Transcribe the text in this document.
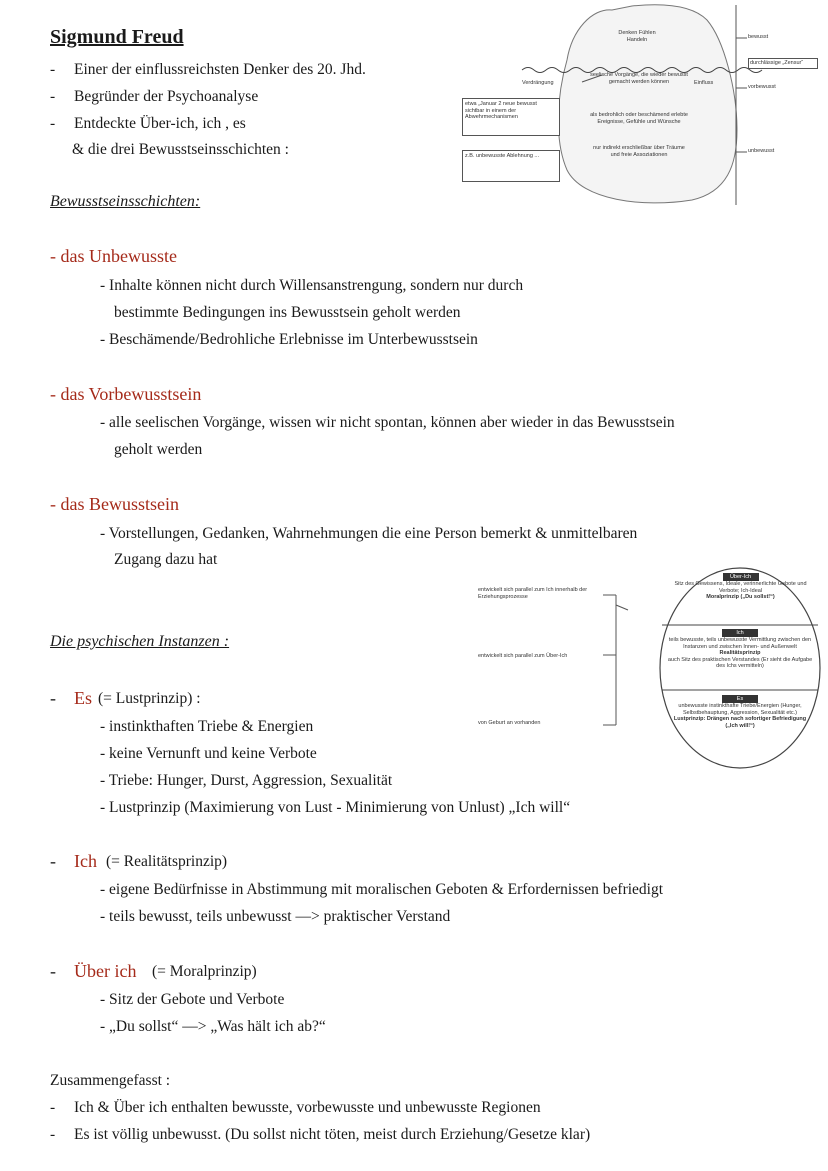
Sigmund Freud
- Einer der einflussreichsten Denker des 20. Jhd.
- Begründer der Psychoanalyse
- Entdeckte Über-ich, ich , es
& die drei Bewusstseinsschichten :
Denken Fühlen Handeln
seelische Vorgänge, die wieder bewusst gemacht werden können
als bedrohlich oder beschämend erlebte Ereignisse, Gefühle und Wünsche
nur indirekt erschließbar über Träume und freie Assoziationen
Verdrängung	Einfluss
etwa „Januar 2 neue bewusst sichtbar in einem der Abwehrmechanismen
z.B. unbewusste Ablehnung ...
bewusst
durchlässige „Zensur“
vorbewusst
unbewusst
Bewusstseinsschichten:
- das Unbewusste
- Inhalte können nicht durch Willensanstrengung, sondern nur durch
bestimmte Bedingungen ins Bewusstsein geholt werden
- Beschämende/Bedrohliche Erlebnisse im Unterbewusstsein
- das Vorbewusstsein
- alle seelischen Vorgänge, wissen wir nicht spontan, können aber wieder in das Bewusstsein
geholt werden
- das Bewusstsein
- Vorstellungen, Gedanken, Wahrnehmungen die eine Person bemerkt & unmittelbaren
Zugang dazu hat
entwickelt sich parallel zum Ich innerhalb der Erziehungsprozesse
entwickelt sich parallel zum Über-Ich
von Geburt an vorhanden
Über-Ich
Sitz des Gewissens, Ideale, verinnerlichte Gebote und Verbote; Ich-Ideal
Moralprinzip („Du sollst!“)
Ich
teils bewusste, teils unbewusste Vermittlung zwischen den Instanzen und zwischen Innen- und Außenwelt
Realitätsprinzip
auch Sitz des praktischen Verstandes (Er sieht die Aufgabe des Ichs vermitteln)
Es
unbewusste instinkthafte Triebe/Energien (Hunger, Selbstbehauptung, Aggression, Sexualität etc.)
Lustprinzip: Drängen nach sofortiger Befriedigung („Ich will!“)
Die psychischen Instanzen :
- Es (= Lustprinzip) :
- instinkthaften Triebe & Energien
- keine Vernunft und keine Verbote
- Triebe: Hunger, Durst, Aggression, Sexualität
- Lustprinzip (Maximierung von Lust - Minimierung von Unlust) „Ich will“
- Ich (= Realitätsprinzip)
- eigene Bedürfnisse in Abstimmung mit moralischen Geboten & Erfordernissen befriedigt
- teils bewusst, teils unbewusst —> praktischer Verstand
- Über ich (= Moralprinzip)
- Sitz der Gebote und Verbote
- „Du sollst“ —> „Was hält ich ab?“
Zusammengefasst :
- Ich & Über ich enthalten bewusste, vorbewusste und unbewusste Regionen
- Es ist völlig unbewusst. (Du sollst nicht töten, meist durch Erziehung/Gesetze klar)
